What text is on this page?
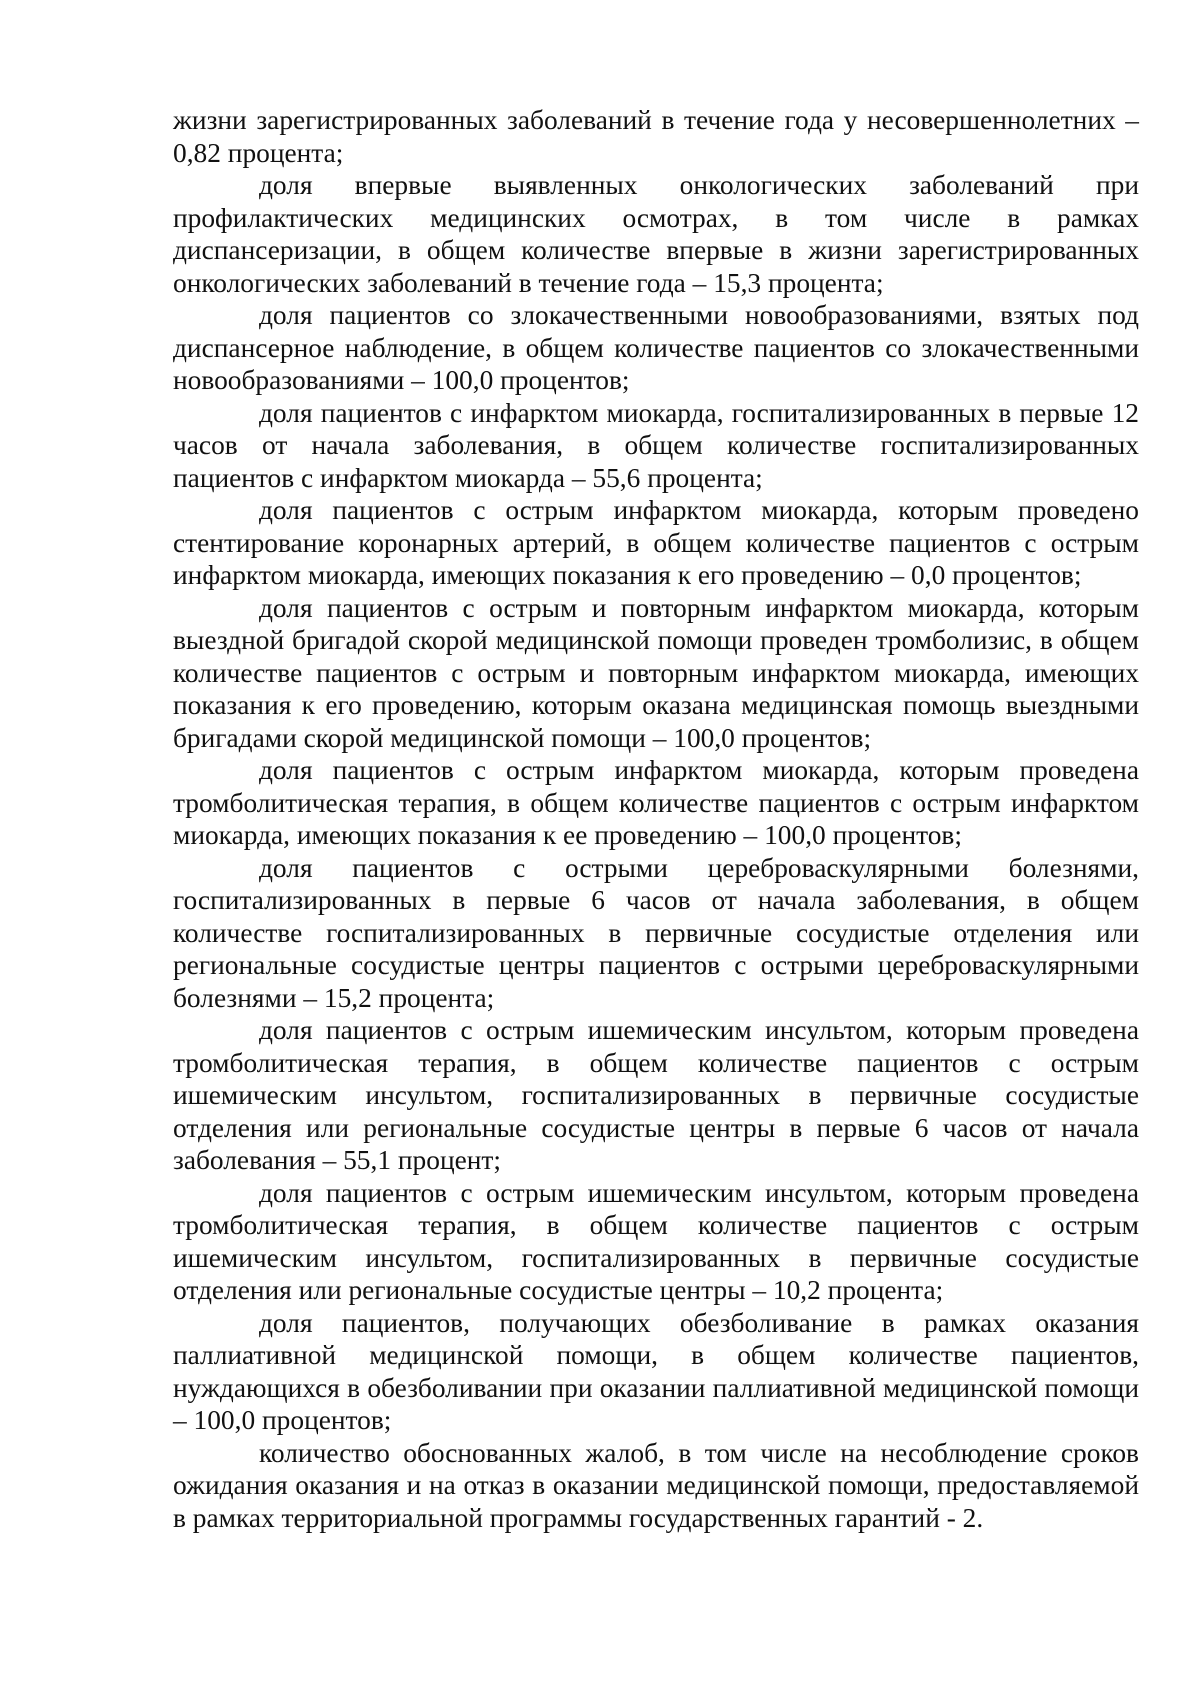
жизни зарегистрированных заболеваний в течение года у несовершеннолетних – 0,82 процента;

доля впервые выявленных онкологических заболеваний при профилактических медицинских осмотрах, в том числе в рамках диспансеризации, в общем количестве впервые в жизни зарегистрированных онкологических заболеваний в течение года – 15,3 процента;

доля пациентов со злокачественными новообразованиями, взятых под диспансерное наблюдение, в общем количестве пациентов со злокачественными новообразованиями – 100,0 процентов;

доля пациентов с инфарктом миокарда, госпитализированных в первые 12 часов от начала заболевания, в общем количестве госпитализированных пациентов с инфарктом миокарда – 55,6 процента;

доля пациентов с острым инфарктом миокарда, которым проведено стентирование коронарных артерий, в общем количестве пациентов с острым инфарктом миокарда, имеющих показания к его проведению – 0,0 процентов;

доля пациентов с острым и повторным инфарктом миокарда, которым выездной бригадой скорой медицинской помощи проведен тромболизис, в общем количестве пациентов с острым и повторным инфарктом миокарда, имеющих показания к его проведению, которым оказана медицинская помощь выездными бригадами скорой медицинской помощи – 100,0 процентов;

доля пациентов с острым инфарктом миокарда, которым проведена тромболитическая терапия, в общем количестве пациентов с острым инфарктом миокарда, имеющих показания к ее проведению – 100,0 процентов;

доля пациентов с острыми цереброваскулярными болезнями, госпитализированных в первые 6 часов от начала заболевания, в общем количестве госпитализированных в первичные сосудистые отделения или региональные сосудистые центры пациентов с острыми цереброваскулярными болезнями – 15,2 процента;

доля пациентов с острым ишемическим инсультом, которым проведена тромболитическая терапия, в общем количестве пациентов с острым ишемическим инсультом, госпитализированных в первичные сосудистые отделения или региональные сосудистые центры в первые 6 часов от начала заболевания – 55,1 процент;

доля пациентов с острым ишемическим инсультом, которым проведена тромболитическая терапия, в общем количестве пациентов с острым ишемическим инсультом, госпитализированных в первичные сосудистые отделения или региональные сосудистые центры – 10,2 процента;

доля пациентов, получающих обезболивание в рамках оказания паллиативной медицинской помощи, в общем количестве пациентов, нуждающихся в обезболивании при оказании паллиативной медицинской помощи – 100,0 процентов;

количество обоснованных жалоб, в том числе на несоблюдение сроков ожидания оказания и на отказ в оказании медицинской помощи, предоставляемой в рамках территориальной программы государственных гарантий - 2.
